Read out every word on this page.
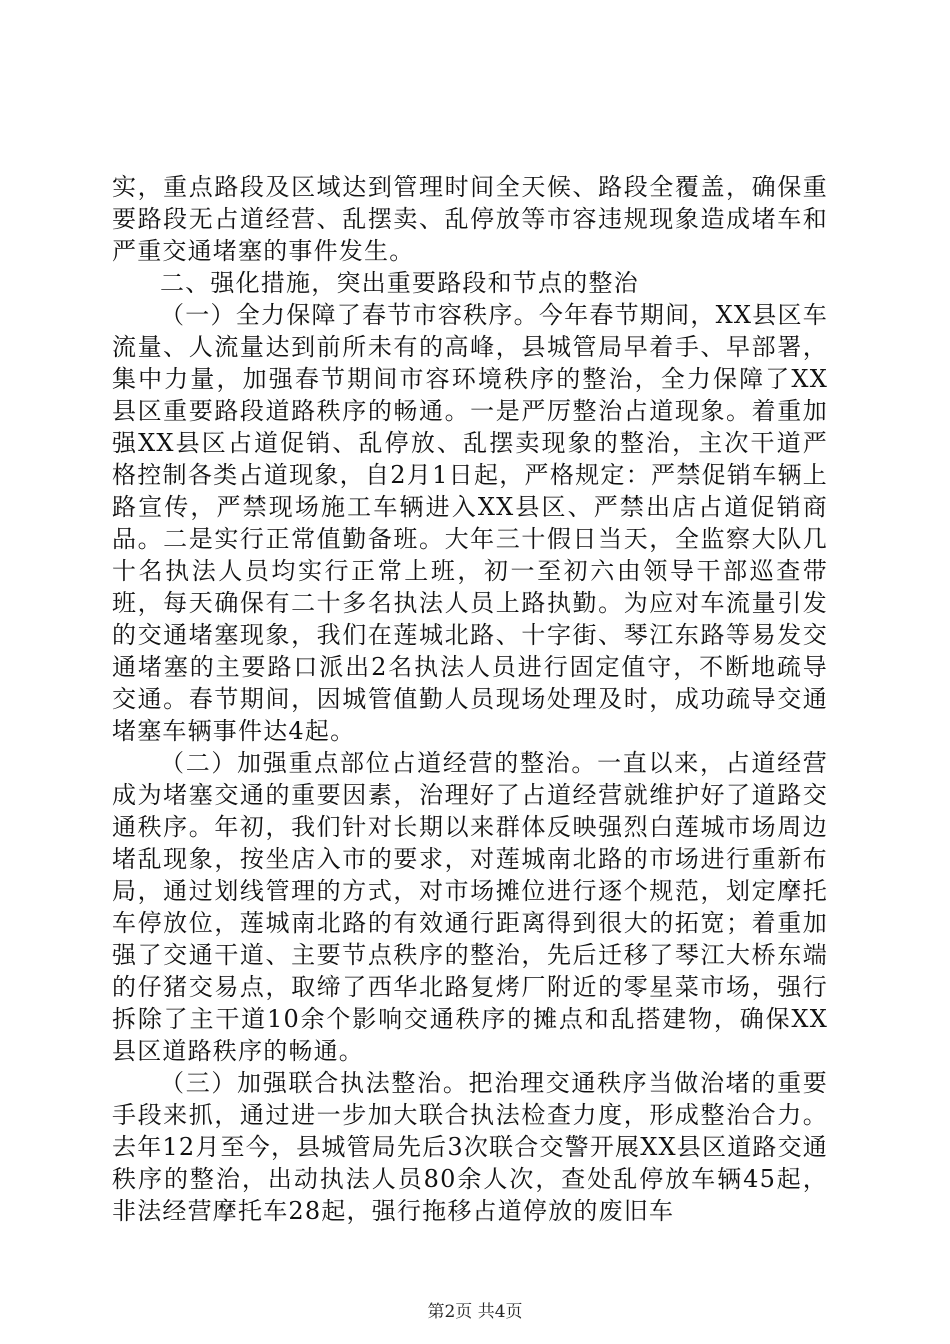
实，重点路段及区域达到管理时间全天候、路段全覆盖，确保重要路段无占道经营、乱摆卖、乱停放等市容违规现象造成堵车和严重交通堵塞的事件发生。

二、强化措施，突出重要路段和节点的整治

（一）全力保障了春节市容秩序。今年春节期间，XX县区车流量、人流量达到前所未有的高峰，县城管局早着手、早部署，集中力量，加强春节期间市容环境秩序的整治，全力保障了XX县区重要路段道路秩序的畅通。一是严厉整治占道现象。着重加强XX县区占道促销、乱停放、乱摆卖现象的整治，主次干道严格控制各类占道现象，自2月1日起，严格规定：严禁促销车辆上路宣传，严禁现场施工车辆进入XX县区、严禁出店占道促销商品。二是实行正常值勤备班。大年三十假日当天，全监察大队几十名执法人员均实行正常上班，初一至初六由领导干部巡查带班，每天确保有二十多名执法人员上路执勤。为应对车流量引发的交通堵塞现象，我们在莲城北路、十字街、琴江东路等易发交通堵塞的主要路口派出2名执法人员进行固定值守，不断地疏导交通。春节期间，因城管值勤人员现场处理及时，成功疏导交通堵塞车辆事件达4起。

（二）加强重点部位占道经营的整治。一直以来，占道经营成为堵塞交通的重要因素，治理好了占道经营就维护好了道路交通秩序。年初，我们针对长期以来群体反映强烈白莲城市场周边堵乱现象，按坐店入市的要求，对莲城南北路的市场进行重新布局，通过划线管理的方式，对市场摊位进行逐个规范，划定摩托车停放位，莲城南北路的有效通行距离得到很大的拓宽；着重加强了交通干道、主要节点秩序的整治，先后迁移了琴江大桥东端的仔猪交易点，取缔了西华北路复烤厂附近的零星菜市场，强行拆除了主干道10余个影响交通秩序的摊点和乱搭建物，确保XX县区道路秩序的畅通。

（三）加强联合执法整治。把治理交通秩序当做治堵的重要手段来抓，通过进一步加大联合执法检查力度，形成整治合力。去年12月至今，县城管局先后3次联合交警开展XX县区道路交通秩序的整治，出动执法人员80余人次，查处乱停放车辆45起，非法经营摩托车28起，强行拖移占道停放的废旧车

第2页 共4页
